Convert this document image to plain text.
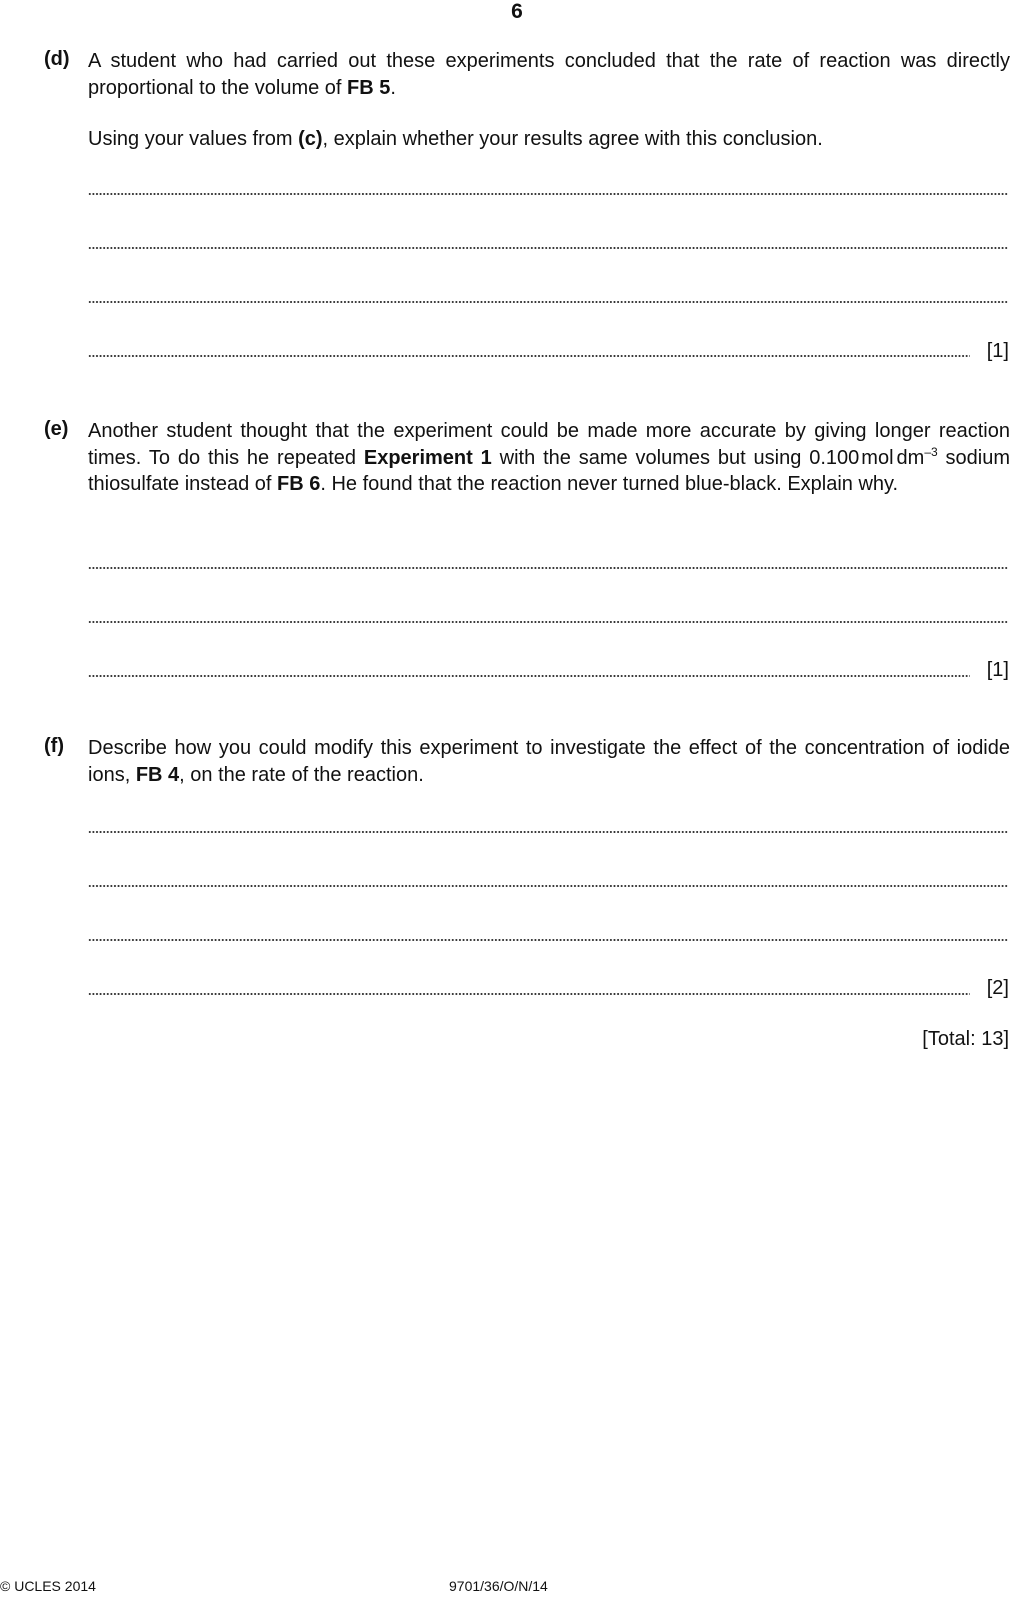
6
(d) A student who had carried out these experiments concluded that the rate of reaction was directly proportional to the volume of FB 5.
Using your values from (c), explain whether your results agree with this conclusion.
[1]
(e) Another student thought that the experiment could be made more accurate by giving longer reaction times. To do this he repeated Experiment 1 with the same volumes but using 0.100 mol $dm^{-3}$ sodium thiosulfate instead of FB 6. He found that the reaction never turned blue-black. Explain why.
[1]
(f) Describe how you could modify this experiment to investigate the effect of the concentration of iodide ions, FB 4, on the rate of the reaction.
[2]
[Total: 13]
© UCLES 2014	9701/36/O/N/14
